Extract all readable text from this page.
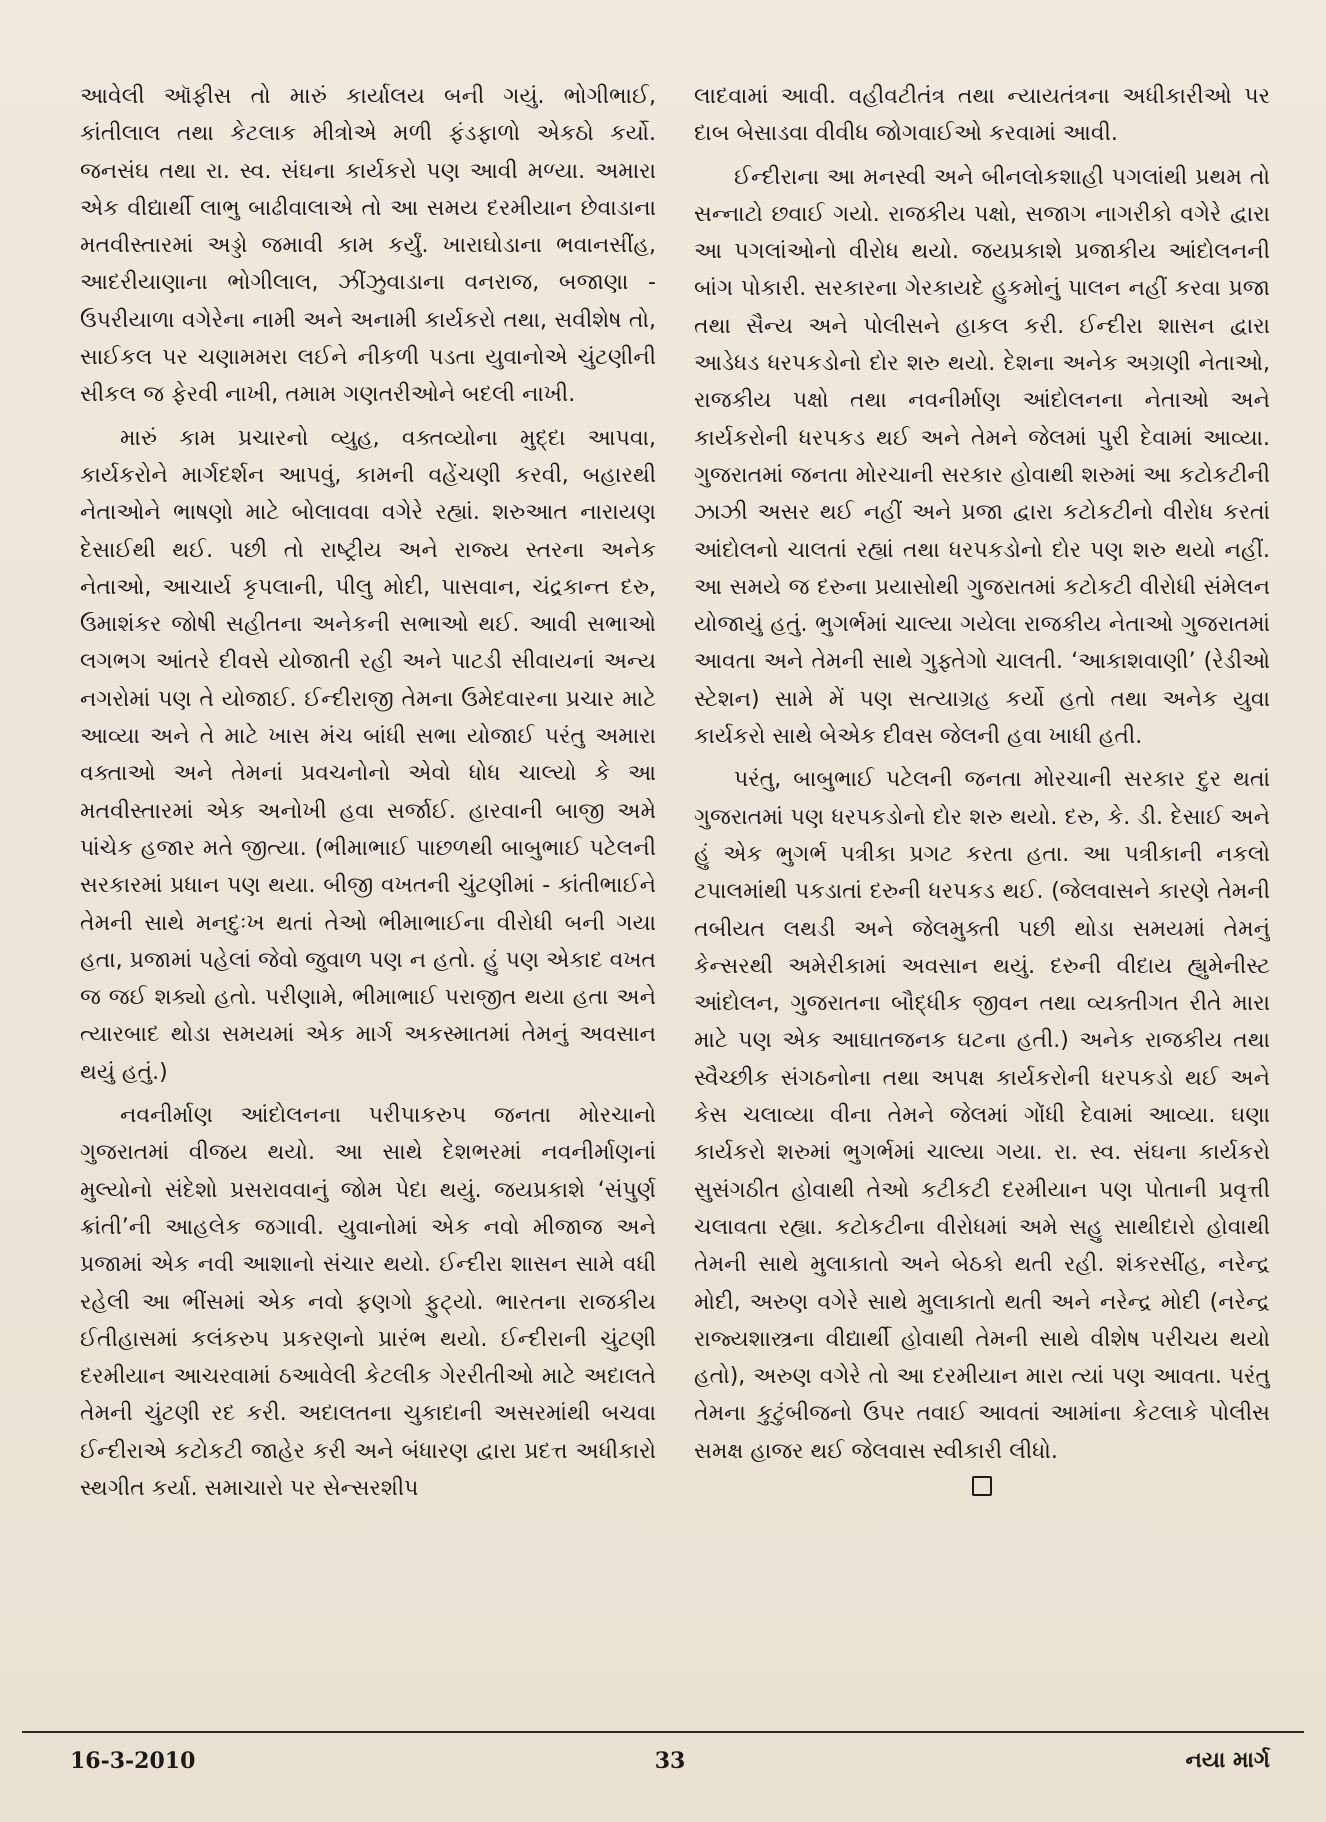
આવેલી ઑફીસ તો મારું કાર્યાલય બની ગયું. ભોગીભાઈ, કાંતીલાલ તથા કેટલાક મીત્રોએ મળી ફંડફાળો એકઠો કર્યો. જનસંઘ તથા રા. સ્વ. સંઘના કાર્યકરો પણ આવી મળ્યા. અમારા એક વીદ્યાર્થી લાભુ બાઢીવાલાએ તો આ સમય દરમીયાન છેવાડાના મતવીસ્તારમાં અડ્ડો જમાવી કામ કર્યું. ખારાઘોડાના ભવાનસીંહ, આદરીયાણાના ભોગીલાલ, ઝીંઝુવાડાના વનરાજ, બજાણા - ઉપરીયાળા વગેરેના નામી અને અનામી કાર્યકરો તથા, સવીશેષ તો, સાઈકલ પર ચણામમરા લઈને નીકળી પડતા યુવાનોએ ચુંટણીની સીકલ જ ફેરવી નાખી, તમામ ગણતરીઓને બદલી નાખી.

મારું કામ પ્રચારનો વ્યુહ, વક્તવ્યોના મુદ્દા આપવા, કાર્યકરોને માર્ગદર્શન આપવું, કામની વહેંચણી કરવી, બહારથી નેતાઓને ભાષણો માટે બોલાવવા વગેરે રહ્યાં. શરુઆત નારાયણ દેસાઈથી થઈ. પછી તો રાષ્ટ્રીય અને રાજ્ય સ્તરના અનેક નેતાઓ, આચાર્ય કૃપલાની, પીલુ મોદી, પાસવાન, ચંદ્રકાન્ત દરુ, ઉમાશંકર જોષી સહીતના અનેકની સભાઓ થઈ. આવી સભાઓ લગભગ આંતરે દીવસે યોજાતી રહી અને પાટડી સીવાયનાં અન્ય નગરોમાં પણ તે યોજાઈ. ઈન્દીરાજી તેમના ઉમેદવારના પ્રચાર માટે આવ્યા અને તે માટે ખાસ મંચ બાંધી સભા યોજાઈ પરંતુ અમારા વક્તાઓ અને તેમનાં પ્રવચનોનો એવો ધોધ ચાલ્યો કે આ મતવીસ્તારમાં એક અનોખી હવા સર્જાઈ. હારવાની બાજી અમે પાંચેક હજાર મતે જીત્યા. (ભીમાભાઈ પાછળથી બાબુભાઈ પટેલની સરકારમાં પ્રધાન પણ થયા. બીજી વખતની ચુંટણીમાં - કાંતીભાઈને તેમની સાથે મનદુઃખ થતાં તેઓ ભીમાભાઈના વીરોધી બની ગયા હતા, પ્રજામાં પહેલાં જેવો જુવાળ પણ ન હતો. હું પણ એકાદ વખત જ જઈ શક્યો હતો. પરીણામે, ભીમાભાઈ પરાજીત થયા હતા અને ત્યારબાદ થોડા સમયમાં એક માર્ગ અકસ્માતમાં તેમનું અવસાન થયું હતું.)

નવનીર્માણ આંદોલનના પરીપાકરુપ જનતા મોરચાનો ગુજરાતમાં વીજય થયો. આ સાથે દેશભરમાં નવનીર્માણનાં મુલ્યોનો સંદેશો પ્રસરાવવાનું જોમ પેદા થયું. જયપ્રકાશે ‘સંપુર્ણ ક્રાંતી’ની આહલેક જગાવી. યુવાનોમાં એક નવો મીજાજ અને પ્રજામાં એક નવી આશાનો સંચાર થયો. ઈન્દીરા શાસન સામે વધી રહેલી આ ભીંસમાં એક નવો ફણગો ફુટ્યો. ભારતના રાજકીય ઈતીહાસમાં કલંકરુપ પ્રકરણનો પ્રારંભ થયો. ઈન્દીરાની ચુંટણી દરમીયાન આચરવામાં ઠઆવેલી કેટલીક ગેરરીતીઓ માટે અદાલતે તેમની ચુંટણી રદ કરી. અદાલતના ચુકાદાની અસરમાંથી બચવા ઈન્દીરાએ કટોકટી જાહેર કરી અને બંધારણ દ્વારા પ્રદત્ત અધીકારો સ્થગીત કર્યા. સમાચારો પર સેન્સરશીપ

લાદવામાં આવી. વહીવટીતંત્ર તથા ન્યાયતંત્રના અધીકારીઓ પર દાબ બેસાડવા વીવીધ જોગવાઈઓ કરવામાં આવી.

ઈન્દીરાના આ મનસ્વી અને બીનલોકશાહી પગલાંથી પ્રથમ તો સન્નાટો છવાઈ ગયો. રાજકીય પક્ષો, સજાગ નાગરીકો વગેરે દ્વારા આ પગલાંઓનો વીરોધ થયો. જયપ્રકાશે પ્રજાકીય આંદોલનની બાંગ પોકારી. સરકારના ગેરકાયદે હુકમોનું પાલન નહીં કરવા પ્રજા તથા સૈન્ય અને પોલીસને હાકલ કરી. ઈન્દીરા શાસન દ્વારા આડેધડ ધરપકડોનો દોર શરુ થયો. દેશના અનેક અગ્રણી નેતાઓ, રાજકીય પક્ષો તથા નવનીર્માણ આંદોલનના નેતાઓ અને કાર્યકરોની ધરપકડ થઈ અને તેમને જેલમાં પુરી દેવામાં આવ્યા. ગુજરાતમાં જનતા મોરચાની સરકાર હોવાથી શરુમાં આ કટોકટીની ઝાઝી અસર થઈ નહીં અને પ્રજા દ્વારા કટોકટીનો વીરોધ કરતાં આંદોલનો ચાલતાં રહ્યાં તથા ધરપકડોનો દોર પણ શરુ થયો નહીં. આ સમયે જ દરુના પ્રયાસોથી ગુજરાતમાં કટોકટી વીરોધી સંમેલન યોજાયું હતું. ભુગર્ભમાં ચાલ્યા ગયેલા રાજકીય નેતાઓ ગુજરાતમાં આવતા અને તેમની સાથે ગુફ્તેગો ચાલતી. ‘આકાશવાણી’ (રેડીઓ સ્ટેશન) સામે મેં પણ સત્યાગ્રહ કર્યો હતો તથા અનેક યુવા કાર્યકરો સાથે બેએક દીવસ જેલની હવા ખાધી હતી.

પરંતુ, બાબુભાઈ પટેલની જનતા મોરચાની સરકાર દુર થતાં ગુજરાતમાં પણ ધરપકડોનો દોર શરુ થયો. દરુ, કે. ડી. દેસાઈ અને હું એક ભુગર્ભ પત્રીકા પ્રગટ કરતા હતા. આ પત્રીકાની નકલો ટપાલમાંથી પકડાતાં દરુની ધરપકડ થઈ. (જેલવાસને કારણે તેમની તબીયત લથડી અને જેલમુક્તી પછી થોડા સમયમાં તેમનું કેન્સરથી અમેરીકામાં અવસાન થયું. દરુની વીદાય હ્યુમેનીસ્ટ આંદોલન, ગુજરાતના બૌદ્ધીક જીવન તથા વ્યક્તીગત રીતે મારા માટે પણ એક આઘાતજનક ઘટના હતી.) અનેક રાજકીય તથા સ્વૈચ્છીક સંગઠનોના તથા અપક્ષ કાર્યકરોની ધરપકડો થઈ અને કેસ ચલાવ્યા વીના તેમને જેલમાં ગોંધી દેવામાં આવ્યા. ઘણા કાર્યકરો શરુમાં ભુગર્ભમાં ચાલ્યા ગયા. રા. સ્વ. સંઘના કાર્યકરો સુસંગઠીત હોવાથી તેઓ કટીકટી દરમીયાન પણ પોતાની પ્રવૃત્તી ચલાવતા રહ્યા. કટોકટીના વીરોધમાં અમે સહુ સાથીદારો હોવાથી તેમની સાથે મુલાકાતો અને બેઠકો થતી રહી. શંકરસીંહ, નરેન્દ્ર મોદી, અરુણ વગેરે સાથે મુલાકાતો થતી અને નરેન્દ્ર મોદી (નરેન્દ્ર રાજ્યશાસ્ત્રના વીદ્યાર્થી હોવાથી તેમની સાથે વીશેષ પરીચય થયો હતો), અરુણ વગેરે તો આ દરમીયાન મારા ત્યાં પણ આવતા. પરંતુ તેમના કુટુંબીજનો ઉપર તવાઈ આવતાં આમાંના કેટલાકે પોલીસ સમક્ષ હાજર થઈ જેલવાસ સ્વીકારી લીધો.

16-3-2010	33	નયા માર્ગ
